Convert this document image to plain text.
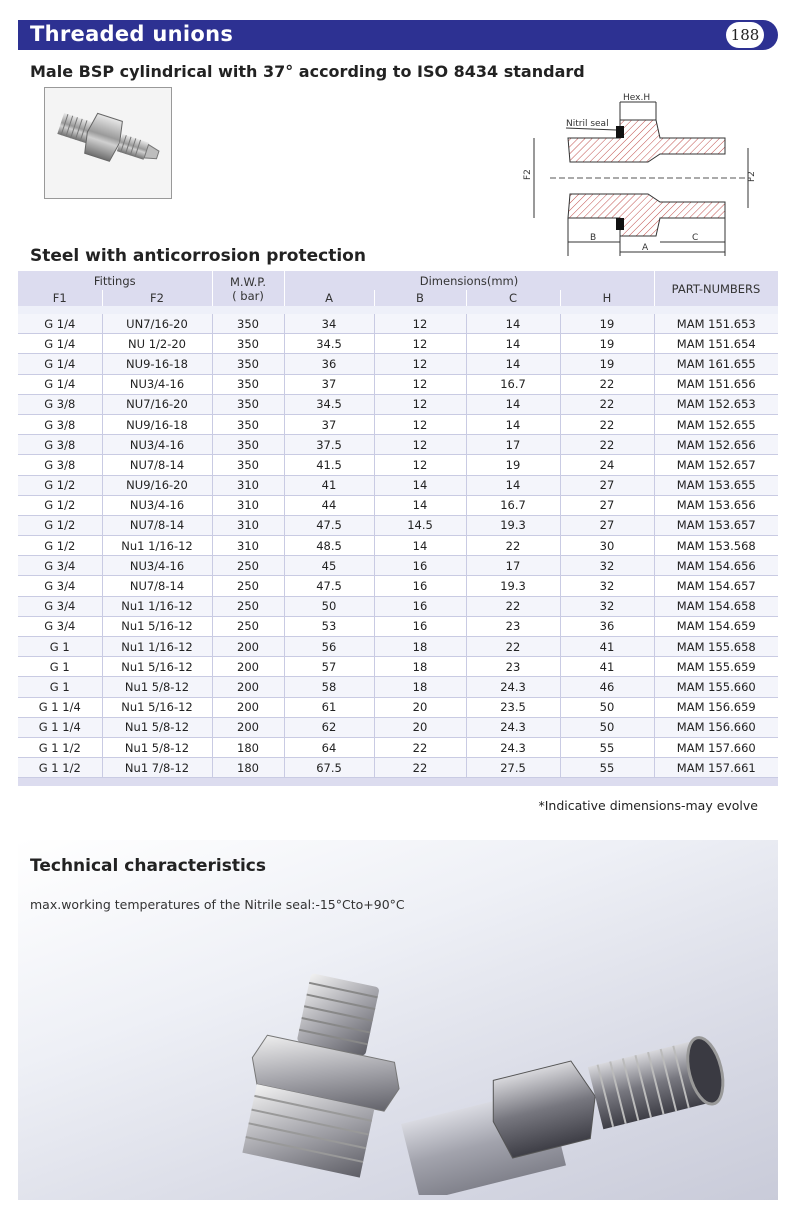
Threaded unions	188
Male BSP cylindrical with 37° according to ISO 8434 standard
F2	F2
Hex.H
Nitril seal
B
A
C
Steel with anticorrosion protection
Fittings		M.W.P.
( bar)	Dimensions(mm)				PART-NUMBERS
F1	F2		A	B	C	H	

G 1/4	UN7/16-20	350	34	12	14	19	MAM 151.653
G 1/4	NU 1/2-20	350	34.5	12	14	19	MAM 151.654
G 1/4	NU9-16-18	350	36	12	14	19	MAM 161.655
G 1/4	NU3/4-16	350	37	12	16.7	22	MAM 151.656
G 3/8	NU7/16-20	350	34.5	12	14	22	MAM 152.653
G 3/8	NU9/16-18	350	37	12	14	22	MAM 152.655
G 3/8	NU3/4-16	350	37.5	12	17	22	MAM 152.656
G 3/8	NU7/8-14	350	41.5	12	19	24	MAM 152.657
G 1/2	NU9/16-20	310	41	14	14	27	MAM 153.655
G 1/2	NU3/4-16	310	44	14	16.7	27	MAM 153.656
G 1/2	NU7/8-14	310	47.5	14.5	19.3	27	MAM 153.657
G 1/2	Nu1 1/16-12	310	48.5	14	22	30	MAM 153.568
G 3/4	NU3/4-16	250	45	16	17	32	MAM 154.656
G 3/4	NU7/8-14	250	47.5	16	19.3	32	MAM 154.657
G 3/4	Nu1 1/16-12	250	50	16	22	32	MAM 154.658
G 3/4	Nu1 5/16-12	250	53	16	23	36	MAM 154.659
G 1	Nu1 1/16-12	200	56	18	22	41	MAM 155.658
G 1	Nu1 5/16-12	200	57	18	23	41	MAM 155.659
G 1	Nu1 5/8-12	200	58	18	24.3	46	MAM 155.660
G 1 1/4	Nu1 5/16-12	200	61	20	23.5	50	MAM 156.659
G 1 1/4	Nu1 5/8-12	200	62	20	24.3	50	MAM 156.660
G 1 1/2	Nu1 5/8-12	180	64	22	24.3	55	MAM 157.660
G 1 1/2	Nu1 7/8-12	180	67.5	22	27.5	55	MAM 157.661
*Indicative dimensions-may evolve
Technical characteristics
max.working temperatures of the Nitrile seal:-15°Cto+90°C
